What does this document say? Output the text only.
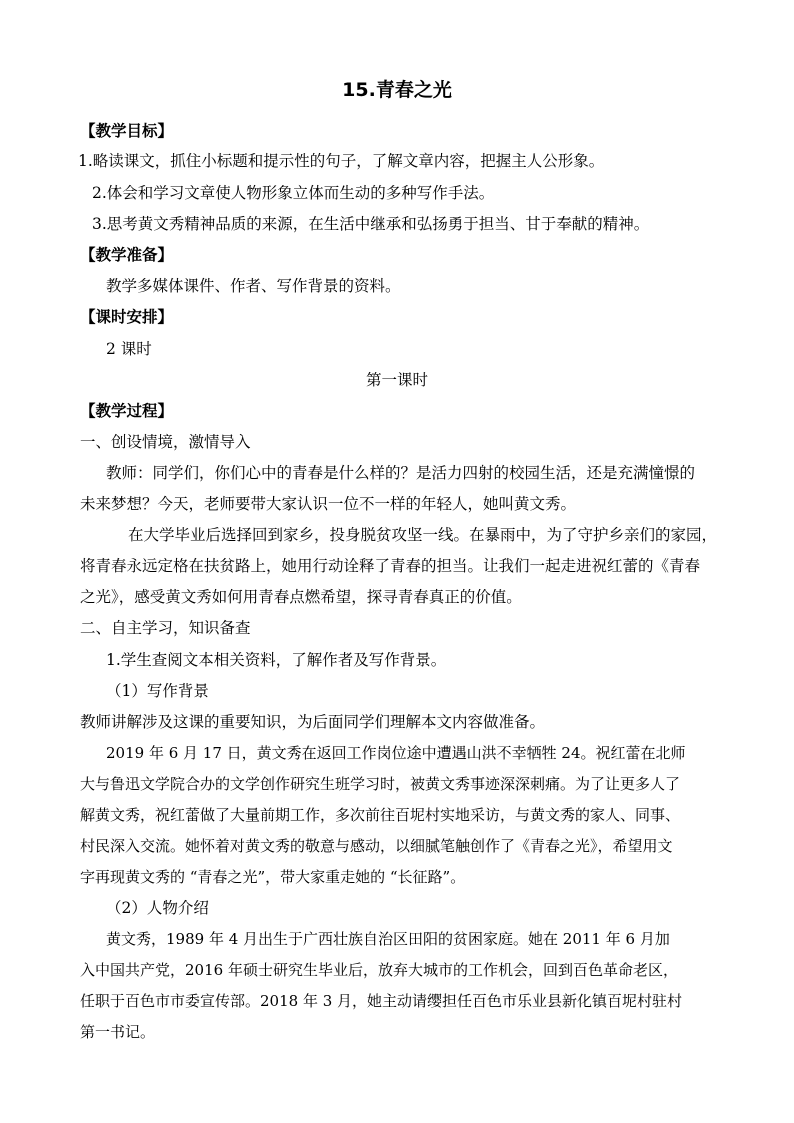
15.青春之光
【教学目标】
1.略读课文，抓住小标题和提示性的句子，了解文章内容，把握主人公形象。
2.体会和学习文章使人物形象立体而生动的多种写作手法。
3.思考黄文秀精神品质的来源，在生活中继承和弘扬勇于担当、甘于奉献的精神。
【教学准备】
教学多媒体课件、作者、写作背景的资料。
【课时安排】
2 课时
第一课时
【教学过程】
一、创设情境，激情导入
教师：同学们，你们心中的青春是什么样的？是活力四射的校园生活，还是充满憧憬的
未来梦想？今天，老师要带大家认识一位不一样的年轻人，她叫黄文秀。
在大学毕业后选择回到家乡，投身脱贫攻坚一线。在暴雨中，为了守护乡亲们的家园，
将青春永远定格在扶贫路上，她用行动诠释了青春的担当。让我们一起走进祝红蕾的《青春
之光》，感受黄文秀如何用青春点燃希望，探寻青春真正的价值。
二、自主学习，知识备查
1.学生查阅文本相关资料，了解作者及写作背景。
（1）写作背景
教师讲解涉及这课的重要知识，为后面同学们理解本文内容做准备。
2019 年 6 月 17 日，黄文秀在返回工作岗位途中遭遇山洪不幸牺牲 24。祝红蕾在北师
大与鲁迅文学院合办的文学创作研究生班学习时，被黄文秀事迹深深刺痛。为了让更多人了
解黄文秀，祝红蕾做了大量前期工作，多次前往百坭村实地采访，与黄文秀的家人、同事、
村民深入交流。她怀着对黄文秀的敬意与感动，以细腻笔触创作了《青春之光》，希望用文
字再现黄文秀的 “青春之光”，带大家重走她的 “长征路”。
（2）人物介绍
黄文秀，1989 年 4 月出生于广西壮族自治区田阳的贫困家庭。她在 2011 年 6 月加
入中国共产党，2016 年硕士研究生毕业后，放弃大城市的工作机会，回到百色革命老区，
任职于百色市市委宣传部。2018 年 3 月，她主动请缨担任百色市乐业县新化镇百坭村驻村
第一书记。
